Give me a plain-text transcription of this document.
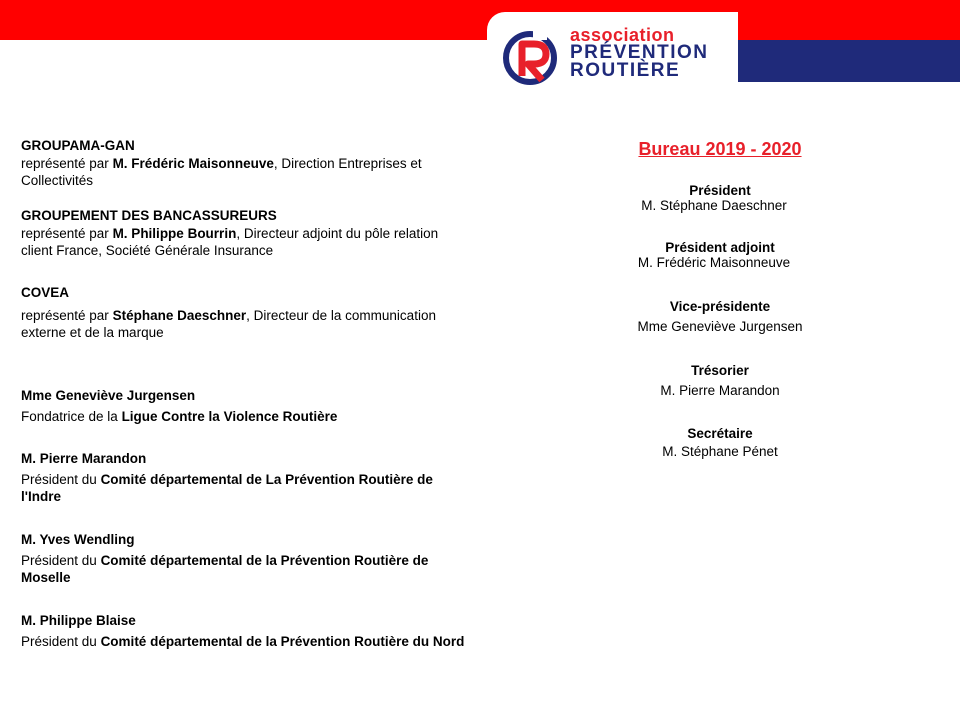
association
PRÉVENTION
ROUTIÈRE
GROUPAMA-GAN
représenté par M. Frédéric Maisonneuve, Direction Entreprises et Collectivités
GROUPEMENT DES BANCASSUREURS
représenté par M. Philippe Bourrin, Directeur adjoint du pôle relation client France, Société Générale Insurance
COVEA
représenté par Stéphane Daeschner, Directeur de la communication externe et de la marque
Mme Geneviève Jurgensen
Fondatrice de la Ligue Contre la Violence Routière
M. Pierre Marandon
Président du Comité départemental de La Prévention Routière de l'Indre
M. Yves Wendling
Président du Comité départemental de la Prévention Routière de Moselle
M. Philippe Blaise
Président du Comité départemental de la Prévention Routière du Nord
Bureau 2019 - 2020
Président
M. Stéphane Daeschner
Président adjoint
M. Frédéric Maisonneuve
Vice-présidente
Mme Geneviève Jurgensen
Trésorier
M. Pierre Marandon
Secrétaire
M. Stéphane Pénet
